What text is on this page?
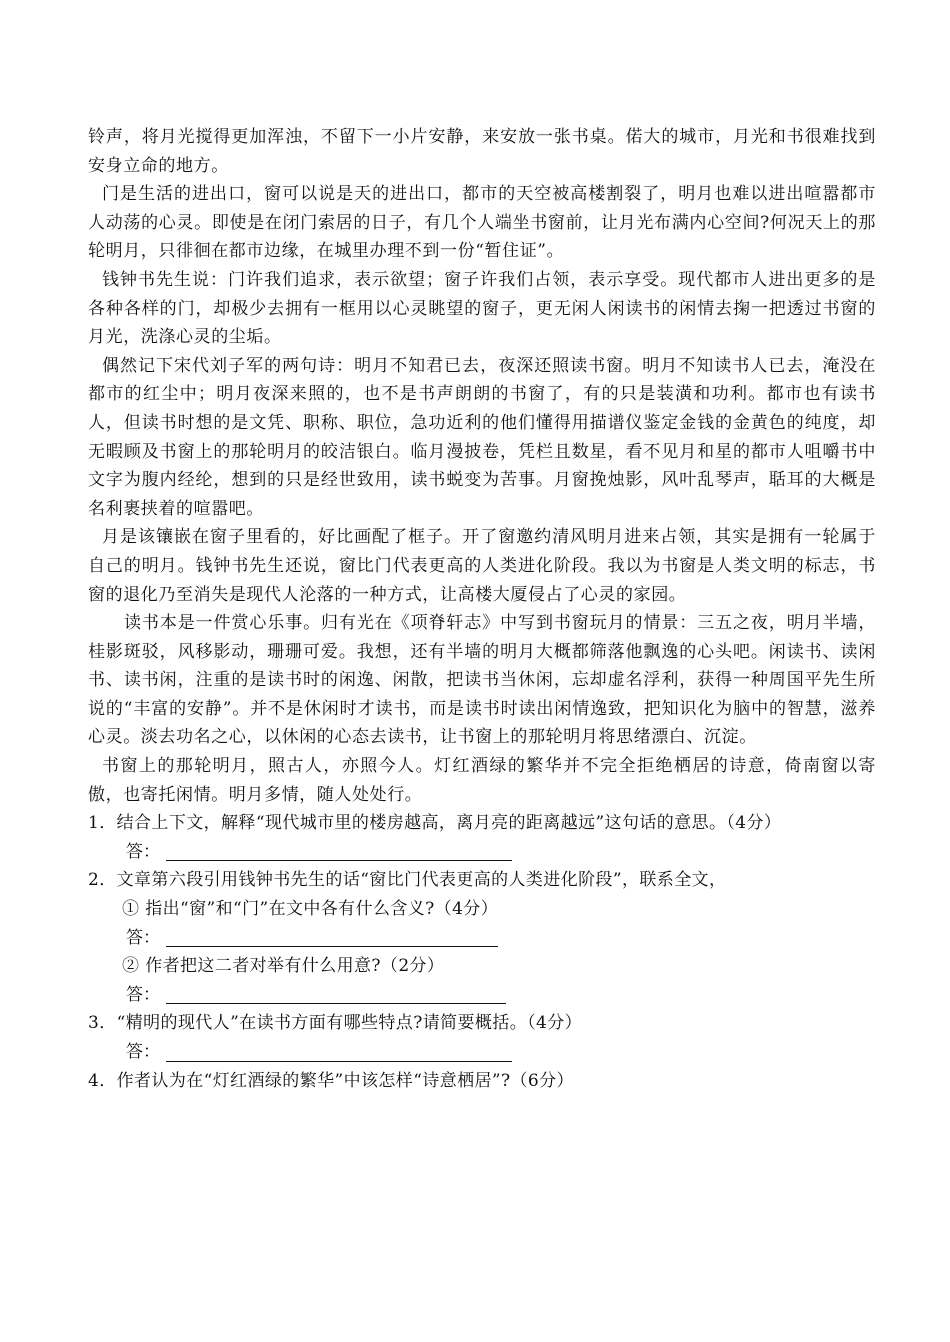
铃声，将月光搅得更加浑浊，不留下一小片安静，来安放一张书桌。偌大的城市，月光和书很难找到安身立命的地方。

门是生活的进出口，窗可以说是天的进出口，都市的天空被高楼割裂了，明月也难以进出喧嚣都市人动荡的心灵。即使是在闭门索居的日子，有几个人端坐书窗前，让月光布满内心空间?何况天上的那轮明月，只徘徊在都市边缘，在城里办理不到一份“暂住证”。

钱钟书先生说：门许我们追求，表示欲望；窗子许我们占领，表示享受。现代都市人进出更多的是各种各样的门，却极少去拥有一框用以心灵眺望的窗子，更无闲人闲读书的闲情去掬一把透过书窗的月光，洗涤心灵的尘垢。

偶然记下宋代刘子军的两句诗：明月不知君已去，夜深还照读书窗。明月不知读书人已去，淹没在都市的红尘中；明月夜深来照的，也不是书声朗朗的书窗了，有的只是装潢和功利。都市也有读书人，但读书时想的是文凭、职称、职位，急功近利的他们懂得用描谱仪鉴定金钱的金黄色的纯度，却无暇顾及书窗上的那轮明月的皎洁银白。临月漫披卷，凭栏且数星，看不见月和星的都市人咀嚼书中文字为腹内经纶，想到的只是经世致用，读书蜕变为苦事。月窗挽烛影，风叶乱琴声，聒耳的大概是名利裹挟着的喧嚣吧。

月是该镶嵌在窗子里看的，好比画配了框子。开了窗邀约清风明月进来占领，其实是拥有一轮属于自己的明月。钱钟书先生还说，窗比门代表更高的人类进化阶段。我以为书窗是人类文明的标志，书窗的退化乃至消失是现代人沦落的一种方式，让高楼大厦侵占了心灵的家园。

读书本是一件赏心乐事。归有光在《项脊轩志》中写到书窗玩月的情景：三五之夜，明月半墙，桂影斑驳，风移影动，珊珊可爱。我想，还有半墙的明月大概都筛落他飘逸的心头吧。闲读书、读闲书、读书闲，注重的是读书时的闲逸、闲散，把读书当休闲，忘却虚名浮利，获得一种周国平先生所说的“丰富的安静”。并不是休闲时才读书，而是读书时读出闲情逸致，把知识化为脑中的智慧，滋养心灵。淡去功名之心，以休闲的心态去读书，让书窗上的那轮明月将思绪漂白、沉淀。

书窗上的那轮明月，照古人，亦照今人。灯红酒绿的繁华并不完全拒绝栖居的诗意，倚南窗以寄傲，也寄托闲情。明月多情，随人处处行。

1．结合上下文，解释“现代城市里的楼房越高，离月亮的距离越远”这句话的意思。（4分）

答：

2．文章第六段引用钱钟书先生的话“窗比门代表更高的人类进化阶段”，联系全文，

① 指出“窗”和“门”在文中各有什么含义?（4分）

答：

② 作者把这二者对举有什么用意?（2分）

答：

3．“精明的现代人”在读书方面有哪些特点?请简要概括。（4分）

答：

4．作者认为在“灯红酒绿的繁华”中该怎样“诗意栖居”?（6分）
